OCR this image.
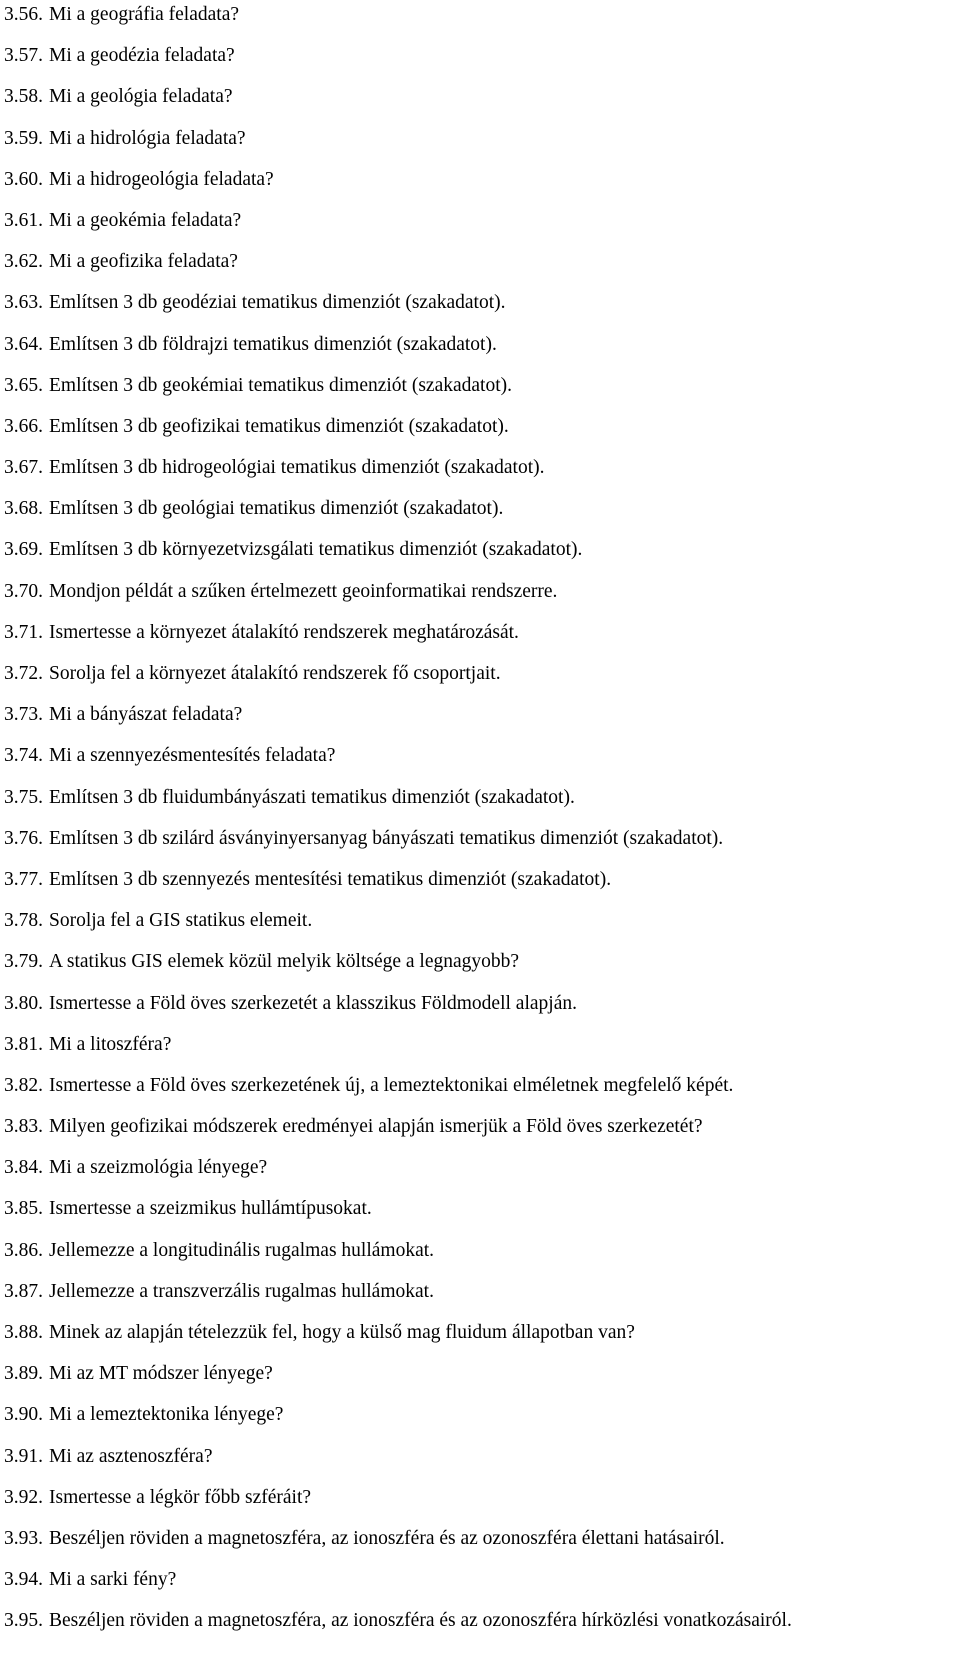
3.56. Mi a geográfia feladata?
3.57. Mi a geodézia feladata?
3.58. Mi a geológia feladata?
3.59. Mi a hidrológia feladata?
3.60. Mi a hidrogeológia feladata?
3.61. Mi a geokémia feladata?
3.62. Mi a geofizika feladata?
3.63. Említsen 3 db geodéziai tematikus dimenziót (szakadatot).
3.64. Említsen 3 db földrajzi tematikus dimenziót (szakadatot).
3.65. Említsen 3 db geokémiai tematikus dimenziót (szakadatot).
3.66. Említsen 3 db geofizikai tematikus dimenziót (szakadatot).
3.67. Említsen 3 db hidrogeológiai tematikus dimenziót (szakadatot).
3.68. Említsen 3 db geológiai tematikus dimenziót (szakadatot).
3.69. Említsen 3 db környezetvizsgálati tematikus dimenziót (szakadatot).
3.70. Mondjon példát a szűken értelmezett geoinformatikai rendszerre.
3.71. Ismertesse a környezet átalakító rendszerek meghatározását.
3.72. Sorolja fel a környezet átalakító rendszerek fő csoportjait.
3.73. Mi a bányászat feladata?
3.74. Mi a szennyezésmentesítés feladata?
3.75. Említsen 3 db fluidumbányászati tematikus dimenziót (szakadatot).
3.76. Említsen 3 db szilárd ásványinyersanyag bányászati tematikus dimenziót (szakadatot).
3.77. Említsen 3 db szennyezés mentesítési tematikus dimenziót (szakadatot).
3.78. Sorolja fel a GIS statikus elemeit.
3.79. A statikus GIS elemek közül melyik költsége a legnagyobb?
3.80. Ismertesse a Föld öves szerkezetét a klasszikus Földmodell alapján.
3.81. Mi a litoszféra?
3.82. Ismertesse a Föld öves szerkezetének új, a lemeztektonikai elméletnek megfelelő képét.
3.83. Milyen geofizikai módszerek eredményei alapján ismerjük a Föld öves szerkezetét?
3.84. Mi a szeizmológia lényege?
3.85. Ismertesse a szeizmikus hullámtípusokat.
3.86. Jellemezze a longitudinális rugalmas hullámokat.
3.87. Jellemezze a transzverzális rugalmas hullámokat.
3.88. Minek az alapján tételezzük fel, hogy a külső mag fluidum állapotban van?
3.89. Mi az MT módszer lényege?
3.90. Mi a lemeztektonika lényege?
3.91. Mi az asztenoszféra?
3.92. Ismertesse a légkör főbb szféráit?
3.93. Beszéljen röviden a magnetoszféra, az ionoszféra és az ozonoszféra élettani hatásairól.
3.94. Mi a sarki fény?
3.95. Beszéljen röviden a magnetoszféra, az ionoszféra és az ozonoszféra hírközlési vonatkozásairól.
